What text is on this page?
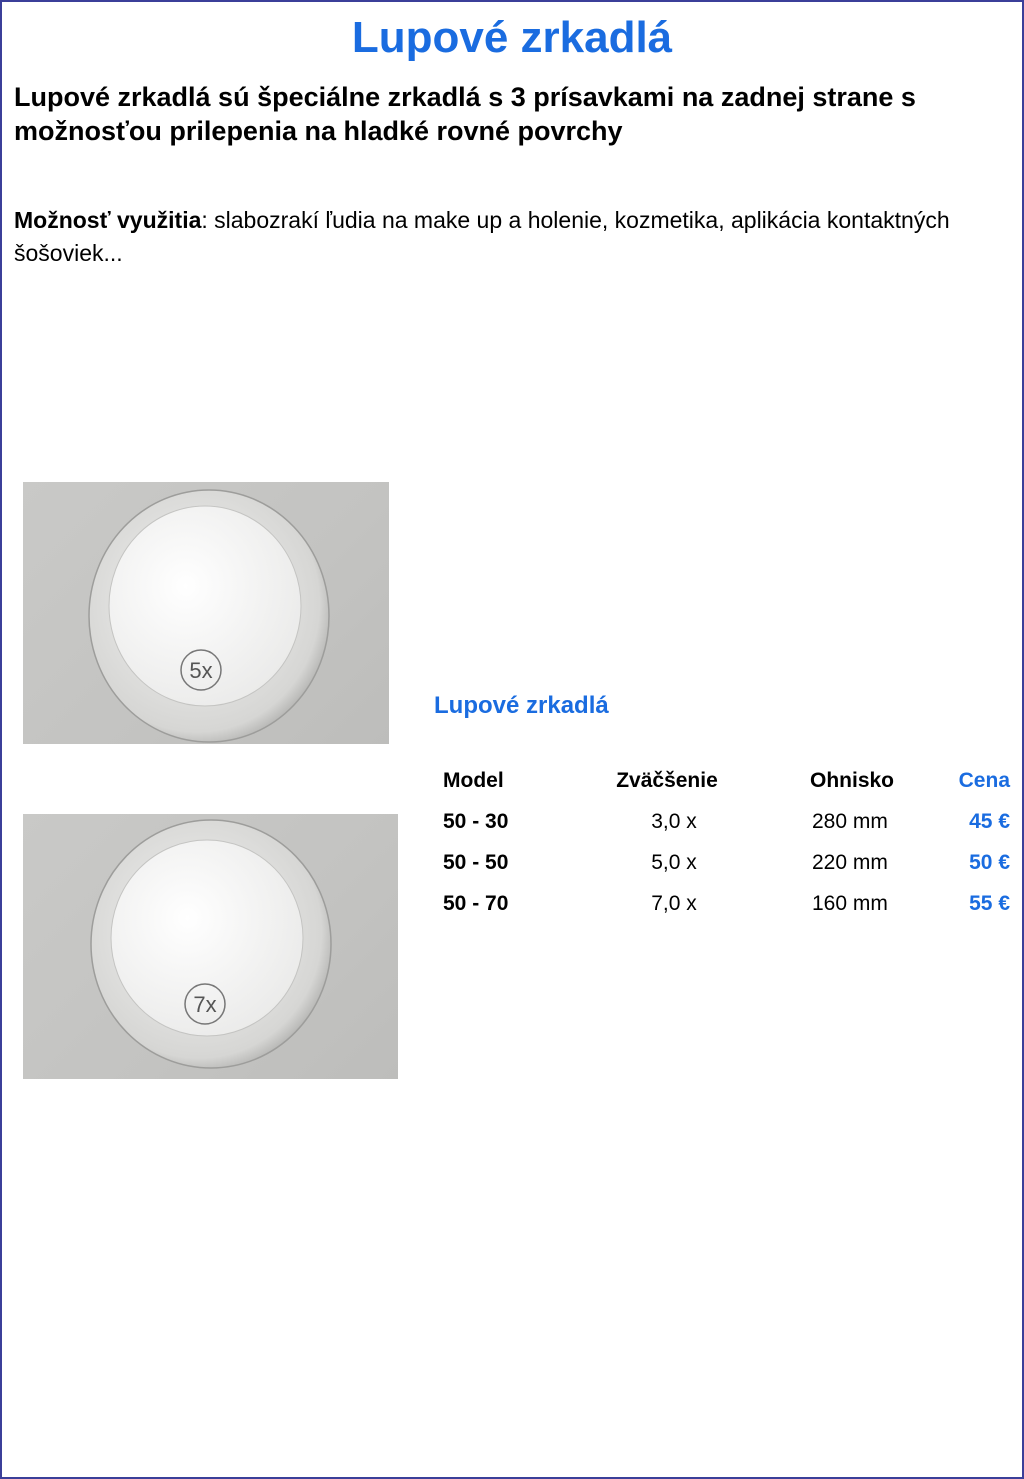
Lupové zrkadlá
Lupové zrkadlá sú špeciálne zrkadlá s 3 prísavkami na zadnej strane s možnosťou prilepenia na hladké rovné povrchy
Možnosť využitia: slabozrakí ľudia na make up a holenie, kozmetika, aplikácia kontaktných šošoviek...
5x
7x
Lupové zrkadlá
Model	Zväčšenie	Ohnisko	Cena
50 - 30	3,0 x	280 mm	45 €
50 - 50	5,0 x	220 mm	50 €
50 - 70	7,0 x	160 mm	55 €
